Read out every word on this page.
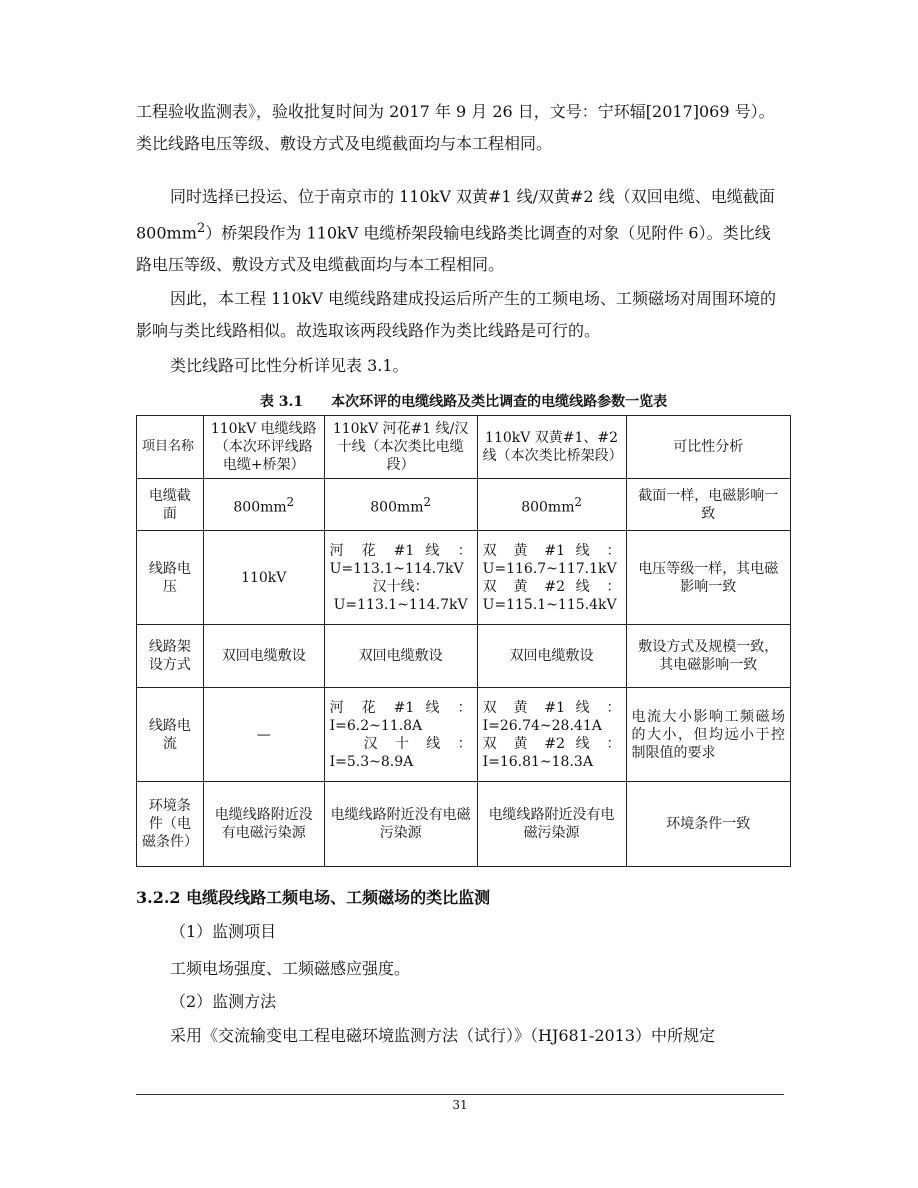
工程验收监测表》，验收批复时间为 2017 年 9 月 26 日，文号：宁环辐[2017]069 号）。类比线路电压等级、敷设方式及电缆截面均与本工程相同。

同时选择已投运、位于南京市的 110kV 双黄#1 线/双黄#2 线（双回电缆、电缆截面 $800mm^2$）桥架段作为 110kV 电缆桥架段输电线路类比调查的对象（见附件 6）。类比线路电压等级、敷设方式及电缆截面均与本工程相同。

因此，本工程 110kV 电缆线路建成投运后所产生的工频电场、工频磁场对周围环境的影响与类比线路相似。故选取该两段线路作为类比线路是可行的。

类比线路可比性分析详见表 3.1。

表 3.1　　本次环评的电缆线路及类比调查的电缆线路参数一览表

项目名称	110kV 电缆线路（本次环评线路电缆+桥架）	110kV 河花#1 线/汉十线（本次类比电缆段）	110kV 双黄#1、#2 线（本次类比桥架段）	可比性分析
电缆截面	$800mm^2$	$800mm^2$	$800mm^2$	截面一样，电磁影响一致
线路电压	110kV	河 花 #1 线 ：
U=113.1~114.7kV
汉十线：
U=113.1~114.7kV	双 黄 #1 线 ：
U=116.7~117.1kV
双 黄 #2 线 ：
U=115.1~115.4kV	电压等级一样，其电磁影响一致
线路架设方式	双回电缆敷设	双回电缆敷设	双回电缆敷设	敷设方式及规模一致，其电磁影响一致
线路电流	—	河 花 #1 线 ：
I=6.2~11.8A
汉 十 线 ：
I=5.3~8.9A	双 黄 #1 线 ：
I=26.74~28.41A
双 黄 #2 线 ：
I=16.81~18.3A	电流大小影响工频磁场的大小，但均远小于控制限值的要求
环境条件（电磁条件）	电缆线路附近没有电磁污染源	电缆线路附近没有电磁污染源	电缆线路附近没有电磁污染源	环境条件一致

3.2.2 电缆段线路工频电场、工频磁场的类比监测

（1）监测项目

工频电场强度、工频磁感应强度。

（2）监测方法

采用《交流输变电工程电磁环境监测方法（试行）》（HJ681-2013）中所规定

31
